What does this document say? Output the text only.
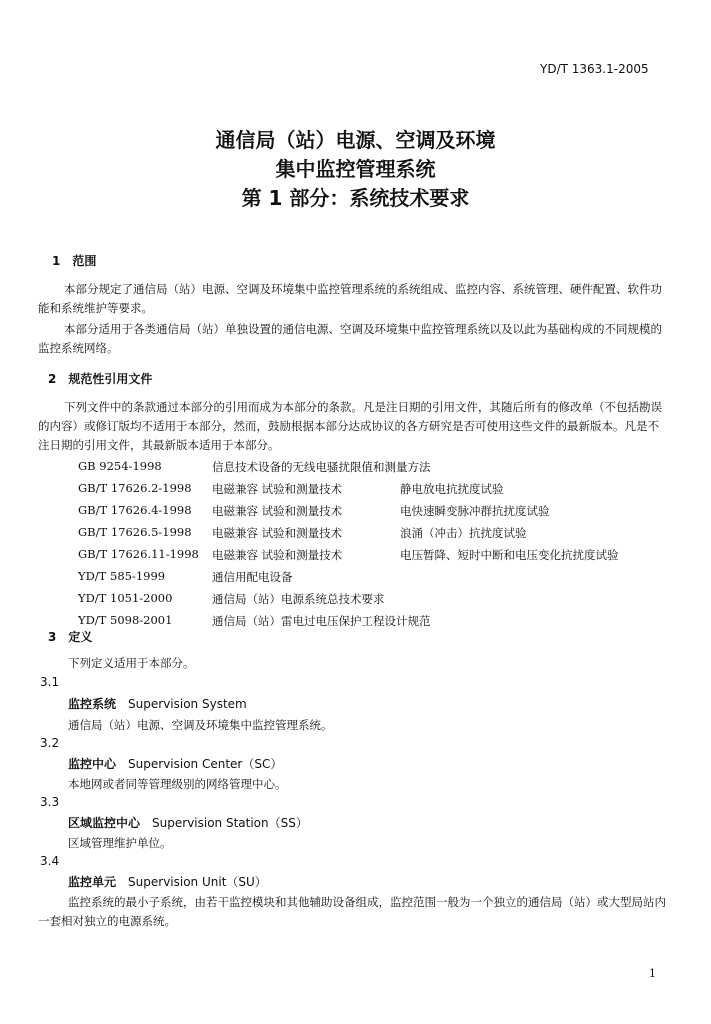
YD/T 1363.1-2005
通信局（站）电源、空调及环境
集中监控管理系统
第 1 部分：系统技术要求
1　范围
本部分规定了通信局（站）电源、空调及环境集中监控管理系统的系统组成、监控内容、系统管理、硬件配置、软件功能和系统维护等要求。
本部分适用于各类通信局（站）单独设置的通信电源、空调及环境集中监控管理系统以及以此为基础构成的不同规模的监控系统网络。
2　规范性引用文件
下列文件中的条款通过本部分的引用而成为本部分的条款。凡是注日期的引用文件，其随后所有的修改单（不包括勘误的内容）或修订版均不适用于本部分，然而，鼓励根据本部分达成协议的各方研究是否可使用这些文件的最新版本。凡是不注日期的引用文件，其最新版本适用于本部分。
GB 9254-1998	信息技术设备的无线电骚扰限值和测量方法
GB/T 17626.2-1998 电磁兼容 试验和测量技术	静电放电抗扰度试验
GB/T 17626.4-1998 电磁兼容 试验和测量技术	电快速瞬变脉冲群抗扰度试验
GB/T 17626.5-1998 电磁兼容 试验和测量技术	浪涌（冲击）抗扰度试验
GB/T 17626.11-1998 电磁兼容 试验和测量技术	电压暂降、短时中断和电压变化抗扰度试验
YD/T 585-1999	通信用配电设备
YD/T 1051-2000	通信局（站）电源系统总技术要求
YD/T 5098-2001	通信局（站）雷电过电压保护工程设计规范
3　定义
下列定义适用于本部分。
3.1
监控系统　 Supervision System
通信局（站）电源、空调及环境集中监控管理系统。
3.2
监控中心　 Supervision Center（SC）
本地网或者同等管理级别的网络管理中心。
3.3
区域监控中心　 Supervision Station（SS）
区域管理维护单位。
3.4
监控单元　 Supervision Unit（SU）
监控系统的最小子系统，由若干监控模块和其他辅助设备组成，监控范围一般为一个独立的通信局（站）或大型局站内一套相对独立的电源系统。
1
